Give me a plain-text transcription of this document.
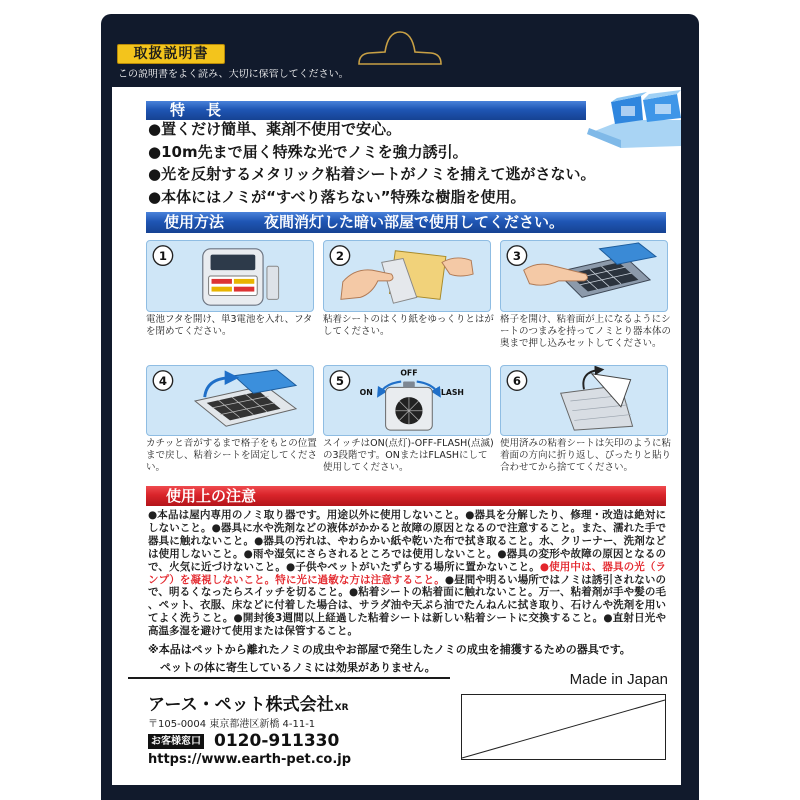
取扱説明書
この説明書をよく読み、大切に保管してください。
特　長
●置くだけ簡単、薬剤不使用で安心。
●10m先まで届く特殊な光でノミを強力誘引。
●光を反射するメタリック粘着シートがノミを捕えて逃がさない。
●本体にはノミが“すべり落ちない”特殊な樹脂を使用。
使用方法	夜間消灯した暗い部屋で使用してください。
1
電池フタを開け、単3電池を入れ、フタを閉めてください。
2
粘着シートのはくり紙をゆっくりとはがしてください。
3
格子を開け、粘着面が上になるようにシートのつまみを持ってノミとり器本体の奥まで押し込みセットしてください。
4
カチッと音がするまで格子をもとの位置まで戻し、粘着シートを固定してください。
5
OFF
ON	FLASH
スイッチはON(点灯)-OFF-FLASH(点滅)の3段階です。ONまたはFLASHにして使用してください。
6
使用済みの粘着シートは矢印のように粘着面の方向に折り返し、ぴったりと貼り合わせてから捨ててください。
使用上の注意
●本品は屋内専用のノミ取り器です。用途以外に使用しないこと。●器具を分解したり、修理・改造は絶対にしないこと。●器具に水や洗剤などの液体がかかると故障の原因となるので注意すること。また、濡れた手で器具に触れないこと。●器具の汚れは、やわらかい紙や乾いた布で拭き取ること。水、クリーナー、洗剤などは使用しないこと。●雨や湿気にさらされるところでは使用しないこと。●器具の変形や故障の原因となるので、火気に近づけないこと。●子供やペットがいたずらする場所に置かないこと。●使用中は、器具の光（ランプ）を凝視しないこと。特に光に過敏な方は注意すること。●昼間や明るい場所ではノミは誘引されないので、明るくなったらスイッチを切ること。●粘着シートの粘着面に触れないこと。万一、粘着剤が手や髪の毛、ペット、衣服、床などに付着した場合は、サラダ油や天ぷら油でたんねんに拭き取り、石けんや洗剤を用いてよく洗うこと。●開封後3週間以上経過した粘着シートは新しい粘着シートに交換すること。●直射日光や高温多湿を避けて使用または保管すること。
※本品はペットから離れたノミの成虫やお部屋で発生したノミの成虫を捕獲するための器具です。
ペットの体に寄生しているノミには効果がありません。
Made in Japan
アース・ペット株式会社XR
〒105-0004 東京都港区新橋 4-11-1
お客様窓口 0120-911330
https://www.earth-pet.co.jp
